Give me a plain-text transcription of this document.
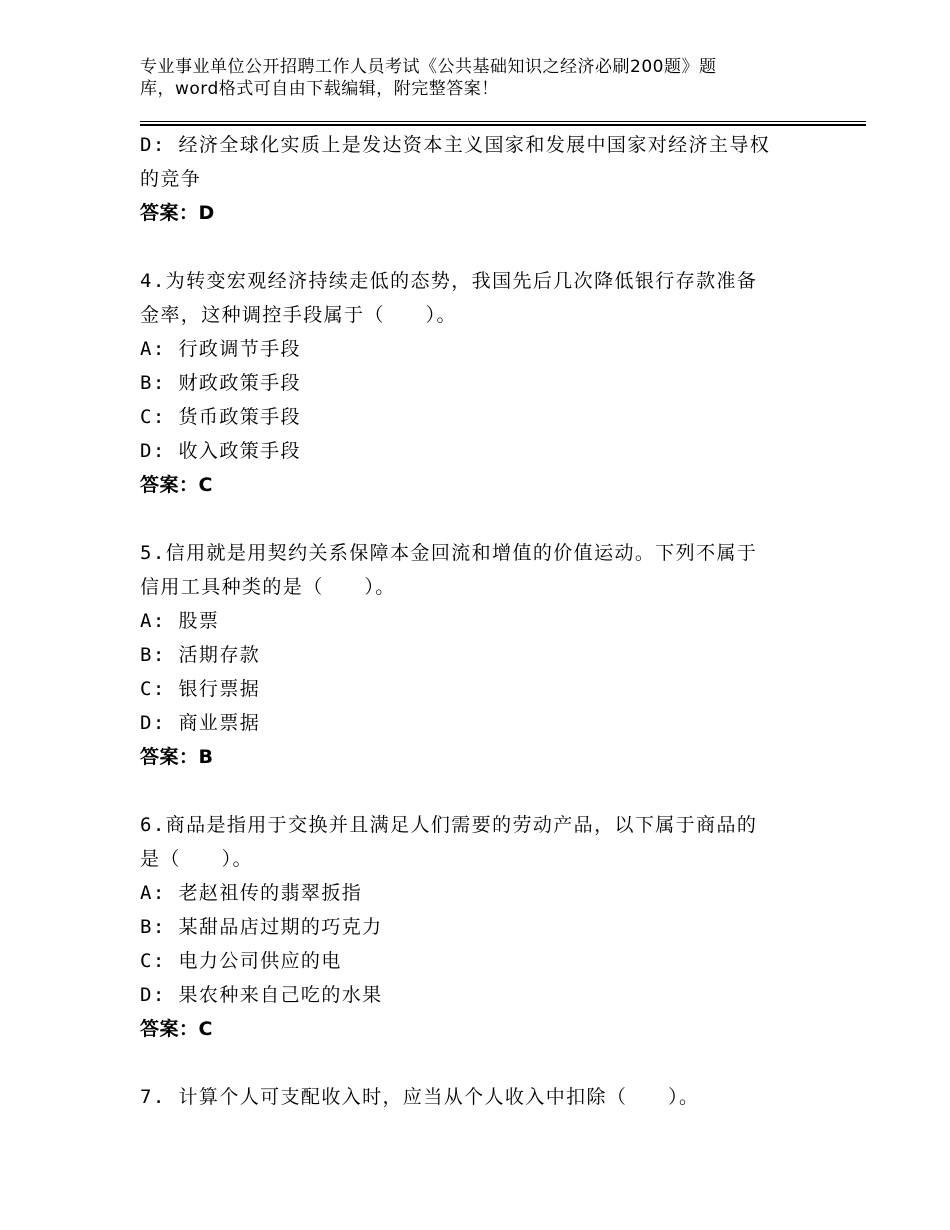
专业事业单位公开招聘工作人员考试《公共基础知识之经济必刷200题》题
库，word格式可自由下载编辑，附完整答案！
D: 经济全球化实质上是发达资本主义国家和发展中国家对经济主导权
的竞争
答案：D
4.为转变宏观经济持续走低的态势，我国先后几次降低银行存款准备
金率，这种调控手段属于（　　）。
A: 行政调节手段
B: 财政政策手段
C: 货币政策手段
D: 收入政策手段
答案：C
5.信用就是用契约关系保障本金回流和增值的价值运动。下列不属于
信用工具种类的是（　　）。
A: 股票
B: 活期存款
C: 银行票据
D: 商业票据
答案：B
6.商品是指用于交换并且满足人们需要的劳动产品，以下属于商品的
是（　　）。
A: 老赵祖传的翡翠扳指
B: 某甜品店过期的巧克力
C: 电力公司供应的电
D: 果农种来自己吃的水果
答案：C
7. 计算个人可支配收入时，应当从个人收入中扣除（　　）。
